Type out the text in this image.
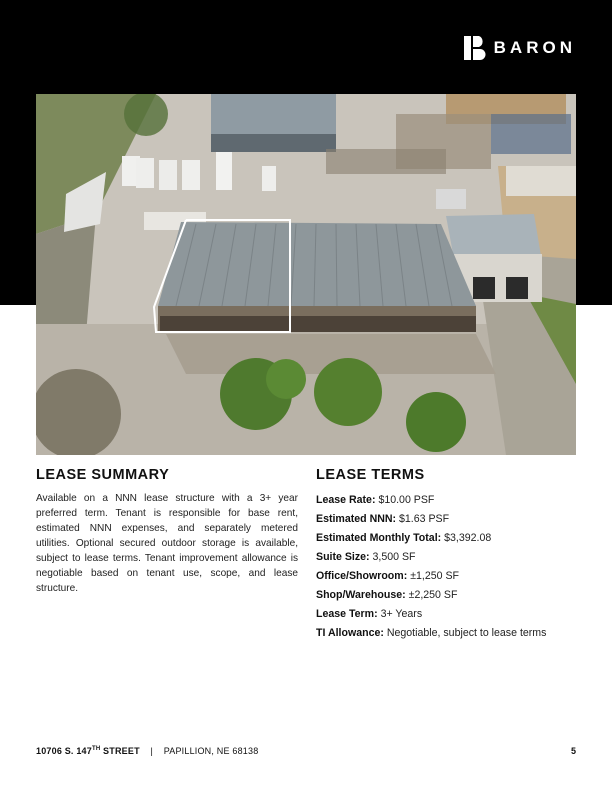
BARON
LEASE SUMMARY

Available on a NNN lease structure with a 3+ year preferred term. Tenant is responsible for base rent, estimated NNN expenses, and separately metered utilities. Optional secured outdoor storage is available, subject to lease terms. Tenant improvement allowance is negotiable based on tenant use, scope, and lease structure.

LEASE TERMS
Lease Rate: $10.00 PSF
Estimated NNN: $1.63 PSF
Estimated Monthly Total: $3,392.08
Suite Size: 3,500 SF
Office/Showroom: ±1,250 SF
Shop/Warehouse: ±2,250 SF
Lease Term: 3+ Years
TI Allowance: Negotiable, subject to lease terms
10706 S. 147TH STREET | PAPILLION, NE 68138	5
